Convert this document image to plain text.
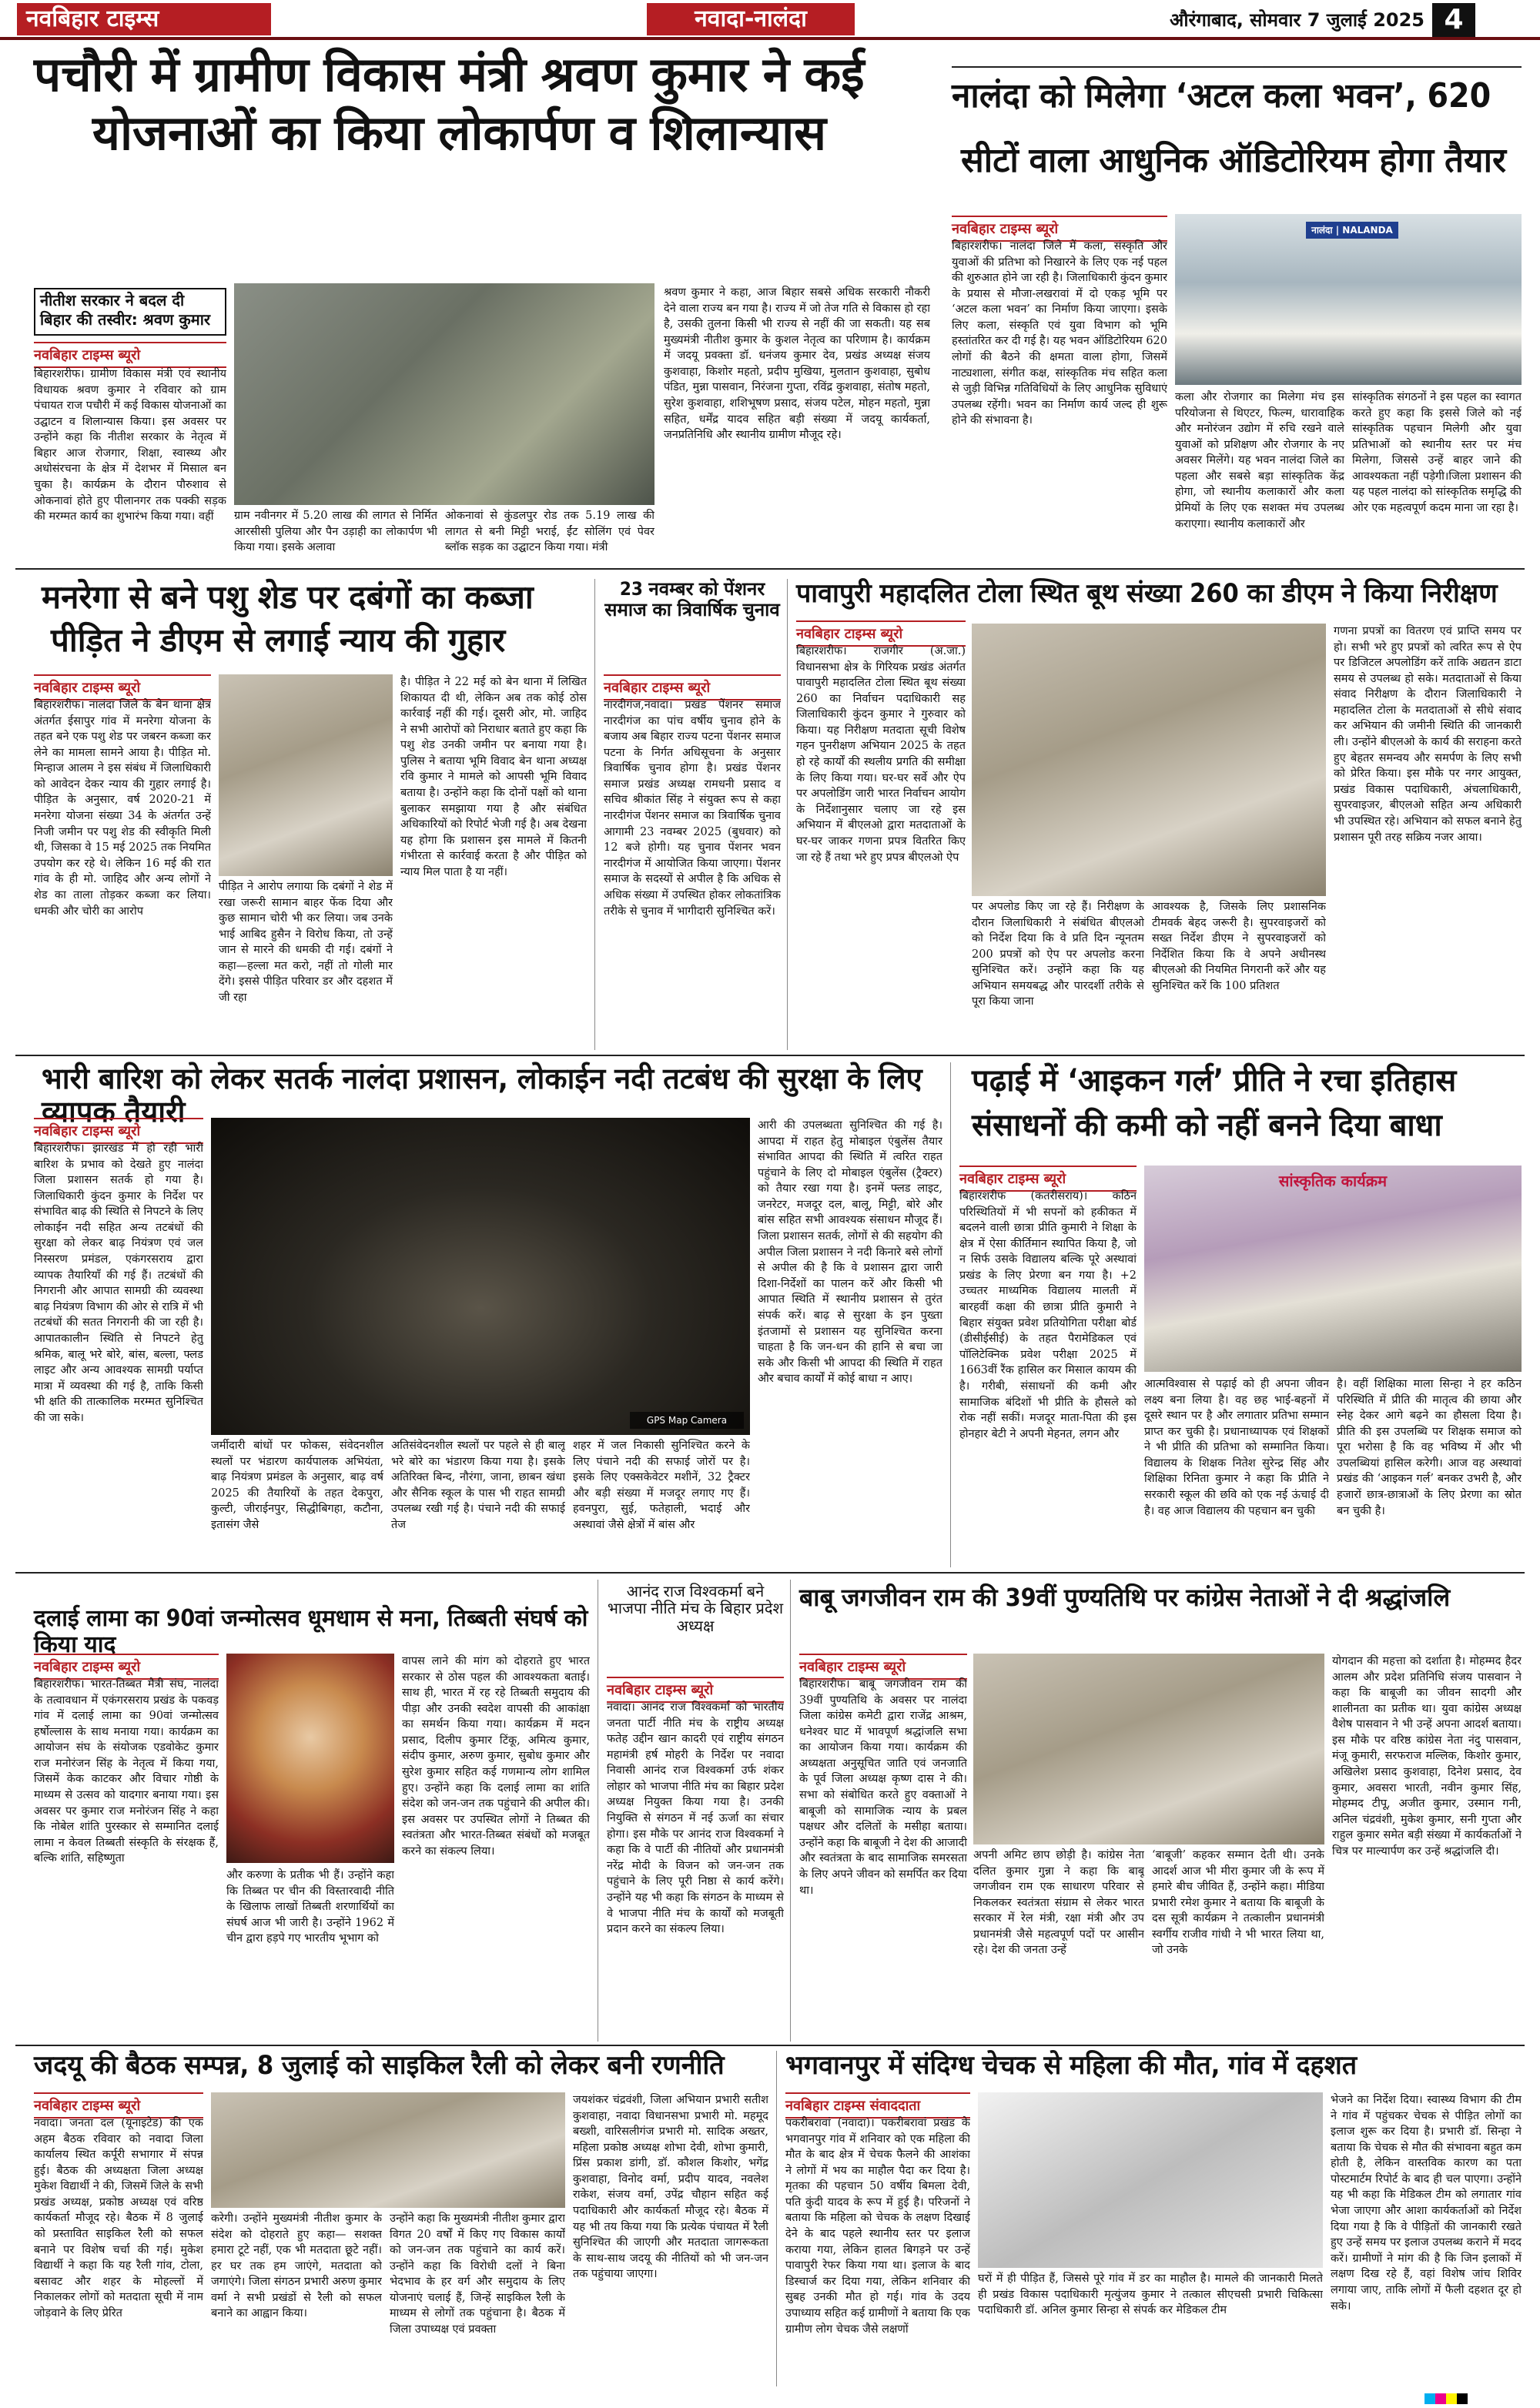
नवबिहार टाइम्स	नवादा-नालंदा	औरंगाबाद, सोमवार 7 जुलाई 2025 4
पचौरी में ग्रामीण विकास मंत्री श्रवण कुमार ने कई
योजनाओं का किया लोकार्पण व शिलान्यास
नीतीश सरकार ने बदल दी बिहार की तस्वीर: श्रवण कुमार
नवबिहार टाइम्स ब्यूरो
बिहारशरीफ। ग्रामीण विकास मंत्री एवं स्थानीय विधायक श्रवण कुमार ने रविवार को ग्राम पंचायत राज पचौरी में कई विकास योजनाओं का उद्घाटन व शिलान्यास किया। इस अवसर पर उन्होंने कहा कि नीतीश सरकार के नेतृत्व में बिहार आज रोजगार, शिक्षा, स्वास्थ्य और अधोसंरचना के क्षेत्र में देशभर में मिसाल बन चुका है। कार्यक्रम के दौरान पौरुशाव से ओकनावां होते हुए पीलानगर तक पक्की सड़क की मरम्मत कार्य का शुभारंभ किया गया। वहीं	ग्राम नवीनगर में 5.20 लाख की लागत से निर्मित आरसीसी पुलिया और पैन उड़ाही का लोकार्पण भी किया गया। इसके अलावा
ओकनावां से कुंडलपुर रोड तक 5.19 लाख की लागत से बनी मिट्टी भराई, ईंट सोलिंग एवं पेवर ब्लॉक सड़क का उद्घाटन किया गया। मंत्री
श्रवण कुमार ने कहा, आज बिहार सबसे अधिक सरकारी नौकरी देने वाला राज्य बन गया है। राज्य में जो तेज गति से विकास हो रहा है, उसकी तुलना किसी भी राज्य से नहीं की जा सकती। यह सब मुख्यमंत्री नीतीश कुमार के कुशल नेतृत्व का परिणाम है। कार्यक्रम में जदयू प्रवक्ता डॉ. धनंजय कुमार देव, प्रखंड अध्यक्ष संजय कुशवाहा, किशोर महतो, प्रदीप मुखिया, मुलतान कुशवाहा, सुबोध पंडित, मुन्ना पासवान, निरंजना गुप्ता, रविंद्र कुशवाहा, संतोष महतो, सुरेश कुशवाहा, शशिभूषण प्रसाद, संजय पटेल, मोहन महतो, मुन्ना सहित, धर्मेंद्र यादव सहित बड़ी संख्या में जदयू कार्यकर्ता, जनप्रतिनिधि और स्थानीय ग्रामीण मौजूद रहे।
नालंदा को मिलेगा ‘अटल कला भवन’, 620
सीटों वाला आधुनिक ऑडिटोरियम होगा तैयार
नवबिहार टाइम्स ब्यूरो
बिहारशरीफ। नालंदा जिले में कला, संस्कृति और युवाओं की प्रतिभा को निखारने के लिए एक नई पहल की शुरुआत होने जा रही है। जिलाधिकारी कुंदन कुमार के प्रयास से मौजा-लखरावां में दो एकड़ भूमि पर ‘अटल कला भवन’ का निर्माण किया जाएगा। इसके लिए कला, संस्कृति एवं युवा विभाग को भूमि हस्तांतरित कर दी गई है। यह भवन ऑडिटोरियम 620 लोगों की बैठने की क्षमता वाला होगा, जिसमें नाट्यशाला, संगीत कक्ष, सांस्कृतिक मंच सहित कला से जुड़ी विभिन्न गतिविधियों के लिए आधुनिक सुविधाएं उपलब्ध रहेंगी। भवन का निर्माण कार्य जल्द ही शुरू होने की संभावना है।
नालंदा | NALANDA
कला और रोजगार का मिलेगा मंच इस परियोजना से थिएटर, फिल्म, धारावाहिक और मनोरंजन उद्योग में रुचि रखने वाले युवाओं को प्रशिक्षण और रोजगार के नए अवसर मिलेंगे। यह भवन नालंदा जिले का पहला और सबसे बड़ा सांस्कृतिक केंद्र होगा, जो स्थानीय कलाकारों और कला प्रेमियों के लिए एक सशक्त मंच उपलब्ध कराएगा। स्थानीय कलाकारों और
सांस्कृतिक संगठनों ने इस पहल का स्वागत करते हुए कहा कि इससे जिले को नई सांस्कृतिक पहचान मिलेगी और युवा प्रतिभाओं को स्थानीय स्तर पर मंच मिलेगा, जिससे उन्हें बाहर जाने की आवश्यकता नहीं पड़ेगी।जिला प्रशासन की यह पहल नालंदा को सांस्कृतिक समृद्धि की ओर एक महत्वपूर्ण कदम माना जा रहा है।
मनरेगा से बने पशु शेड पर दबंगों का कब्जा
पीड़ित ने डीएम से लगाई न्याय की गुहार
नवबिहार टाइम्स ब्यूरो
बिहारशरीफ। नालंदा जिले के बेन थाना क्षेत्र अंतर्गत ईसापुर गांव में मनरेगा योजना के तहत बने एक पशु शेड पर जबरन कब्जा कर लेने का मामला सामने आया है। पीड़ित मो. मिन्हाज आलम ने इस संबंध में जिलाधिकारी को आवेदन देकर न्याय की गुहार लगाई है। पीड़ित के अनुसार, वर्ष 2020-21 में मनरेगा योजना संख्या 34 के अंतर्गत उन्हें निजी जमीन पर पशु शेड की स्वीकृति मिली थी, जिसका वे 15 मई 2025 तक नियमित उपयोग कर रहे थे। लेकिन 16 मई की रात गांव के ही मो. जाहिद और अन्य लोगों ने शेड का ताला तोड़कर कब्जा कर लिया। धमकी और चोरी का आरोप
पीड़ित ने आरोप लगाया कि दबंगों ने शेड में रखा जरूरी सामान बाहर फेंक दिया और कुछ सामान चोरी भी कर लिया। जब उनके भाई आबिद हुसैन ने विरोध किया, तो उन्हें जान से मारने की धमकी दी गई। दबंगों ने कहा—हल्ला मत करो, नहीं तो गोली मार देंगे। इससे पीड़ित परिवार डर और दहशत में जी रहा
है। पीड़ित ने 22 मई को बेन थाना में लिखित शिकायत दी थी, लेकिन अब तक कोई ठोस कार्रवाई नहीं की गई। दूसरी ओर, मो. जाहिद ने सभी आरोपों को निराधार बताते हुए कहा कि पशु शेड उनकी जमीन पर बनाया गया है। पुलिस ने बताया भूमि विवाद बेन थाना अध्यक्ष रवि कुमार ने मामले को आपसी भूमि विवाद बताया है। उन्होंने कहा कि दोनों पक्षों को थाना बुलाकर समझाया गया है और संबंधित अधिकारियों को रिपोर्ट भेजी गई है। अब देखना यह होगा कि प्रशासन इस मामले में कितनी गंभीरता से कार्रवाई करता है और पीड़ित को न्याय मिल पाता है या नहीं।
23 नवम्बर को पेंशनर समाज का त्रिवार्षिक चुनाव
नवबिहार टाइम्स ब्यूरो
नारदीगंज,नवादा। प्रखंड पेंशनर समाज नारदीगंज का पांच वर्षीय चुनाव होने के बजाय अब बिहार राज्य पटना पेंशनर समाज पटना के निर्गत अधिसूचना के अनुसार त्रिवार्षिक चुनाव होगा है। प्रखंड पेंशनर समाज प्रखंड अध्यक्ष रामधनी प्रसाद व सचिव श्रीकांत सिंह ने संयुक्त रूप से कहा नारदीगंज पेंशनर समाज का त्रिवार्षिक चुनाव आगामी 23 नवम्बर 2025 (बुधवार) को 12 बजे होगी। यह चुनाव पेंशनर भवन नारदीगंज में आयोजित किया जाएगा। पेंशनर समाज के सदस्यों से अपील है कि अधिक से अधिक संख्या में उपस्थित होकर लोकतांत्रिक तरीके से चुनाव में भागीदारी सुनिश्चित करें।
पावापुरी महादलित टोला स्थित बूथ संख्या 260 का डीएम ने किया निरीक्षण
नवबिहार टाइम्स ब्यूरो
बिहारशरीफ। राजगीर (अ.जा.) विधानसभा क्षेत्र के गिरियक प्रखंड अंतर्गत पावापुरी महादलित टोला स्थित बूथ संख्या 260 का निर्वाचन पदाधिकारी सह जिलाधिकारी कुंदन कुमार ने गुरुवार को किया। यह निरीक्षण मतदाता सूची विशेष गहन पुनरीक्षण अभियान 2025 के तहत हो रहे कार्यों की स्थलीय प्रगति की समीक्षा के लिए किया गया। घर-घर सर्वे और ऐप पर अपलोडिंग जारी भारत निर्वाचन आयोग के निर्देशानुसार चलाए जा रहे इस अभियान में बीएलओ द्वारा मतदाताओं के घर-घर जाकर गणना प्रपत्र वितरित किए जा रहे हैं तथा भरे हुए प्रपत्र बीएलओ ऐप
पर अपलोड किए जा रहे हैं। निरीक्षण के दौरान जिलाधिकारी ने संबंधित बीएलओ को निर्देश दिया कि वे प्रति दिन न्यूनतम 200 प्रपत्रों को ऐप पर अपलोड करना सुनिश्चित करें। उन्होंने कहा कि यह अभियान समयबद्ध और पारदर्शी तरीके से पूरा किया जाना
आवश्यक है, जिसके लिए प्रशासनिक टीमवर्क बेहद जरूरी है। सुपरवाइजरों को सख्त निर्देश डीएम ने सुपरवाइजरों को निर्देशित किया कि वे अपने अधीनस्थ बीएलओ की नियमित निगरानी करें और यह सुनिश्चित करें कि 100 प्रतिशत
गणना प्रपत्रों का वितरण एवं प्राप्ति समय पर हो। सभी भरे हुए प्रपत्रों को त्वरित रूप से ऐप पर डिजिटल अपलोडिंग करें ताकि अद्यतन डाटा समय से उपलब्ध हो सके। मतदाताओं से किया संवाद निरीक्षण के दौरान जिलाधिकारी ने महादलित टोला के मतदाताओं से सीधे संवाद कर अभियान की जमीनी स्थिति की जानकारी ली। उन्होंने बीएलओ के कार्य की सराहना करते हुए बेहतर समन्वय और समर्पण के लिए सभी को प्रेरित किया। इस मौके पर नगर आयुक्त, प्रखंड विकास पदाधिकारी, अंचलाधिकारी, सुपरवाइजर, बीएलओ सहित अन्य अधिकारी भी उपस्थित रहे। अभियान को सफल बनाने हेतु प्रशासन पूरी तरह सक्रिय नजर आया।
भारी बारिश को लेकर सतर्क नालंदा प्रशासन, लोकाईन नदी तटबंध की सुरक्षा के लिए व्यापक तैयारी
नवबिहार टाइम्स ब्यूरो
बिहारशरीफ। झारखंड में हो रही भारी बारिश के प्रभाव को देखते हुए नालंदा जिला प्रशासन सतर्क हो गया है। जिलाधिकारी कुंदन कुमार के निर्देश पर संभावित बाढ़ की स्थिति से निपटने के लिए लोकाईन नदी सहित अन्य तटबंधों की सुरक्षा को लेकर बाढ़ नियंत्रण एवं जल निस्सरण प्रमंडल, एकंगरसराय द्वारा व्यापक तैयारियाँ की गई हैं। तटबंधों की निगरानी और आपात सामग्री की व्यवस्था बाढ़ नियंत्रण विभाग की ओर से रात्रि में भी तटबंधों की सतत निगरानी की जा रही है। आपातकालीन स्थिति से निपटने हेतु श्रमिक, बालू भरे बोरे, बांस, बल्ला, फ्लड लाइट और अन्य आवश्यक सामग्री पर्याप्त मात्रा में व्यवस्था की गई है, ताकि किसी भी क्षति की तात्कालिक मरम्मत सुनिश्चित की जा सके।	GPS Map Camera
जर्मीदारी बांधों पर फोकस, संवेदनशील स्थलों पर भंडारण कार्यपालक अभियंता, बाढ़ नियंत्रण प्रमंडल के अनुसार, बाढ़ वर्ष 2025 की तैयारियों के तहत देकपुरा, कुल्टी, जीराईनपुर, सिद्धीबिगहा, कटौना, इतासंग जैसे
अतिसंवेदनशील स्थलों पर पहले से ही बालू भरे बोरे का भंडारण किया गया है। इसके अतिरिक्त बिन्द, नौरंगा, जाना, छाबन खंधा और सैनिक स्कूल के पास भी राहत सामग्री उपलब्ध रखी गई है। पंचाने नदी की सफाई तेज
शहर में जल निकासी सुनिश्चित करने के लिए पंचाने नदी की सफाई जोरों पर है। इसके लिए एक्सकेवेटर मशीनें, 32 ट्रैक्टर और बड़ी संख्या में मजदूर लगाए गए हैं। हवनपुरा, सुई, फतेहाली, भदाई और अस्थावां जैसे क्षेत्रों में बांस और
आरी की उपलब्धता सुनिश्चित की गई है। आपदा में राहत हेतु मोबाइल एंबुलेंस तैयार संभावित आपदा की स्थिति में त्वरित राहत पहुंचाने के लिए दो मोबाइल एंबुलेंस (ट्रैक्टर) को तैयार रखा गया है। इनमें फ्लड लाइट, जनरेटर, मजदूर दल, बालू, मिट्टी, बोरे और बांस सहित सभी आवश्यक संसाधन मौजूद हैं। जिला प्रशासन सतर्क, लोगों से की सहयोग की अपील जिला प्रशासन ने नदी किनारे बसे लोगों से अपील की है कि वे प्रशासन द्वारा जारी दिशा-निर्देशों का पालन करें और किसी भी आपात स्थिति में स्थानीय प्रशासन से तुरंत संपर्क करें। बाढ़ से सुरक्षा के इन पुख्ता इंतजामों से प्रशासन यह सुनिश्चित करना चाहता है कि जन-धन की हानि से बचा जा सके और किसी भी आपदा की स्थिति में राहत और बचाव कार्यों में कोई बाधा न आए।
पढ़ाई में ‘आइकन गर्ल’ प्रीति ने रचा इतिहास
संसाधनों की कमी को नहीं बनने दिया बाधा
नवबिहार टाइम्स ब्यूरो
बिहारशरीफ (कतरीसराय)। कठिन परिस्थितियों में भी सपनों को हकीकत में बदलने वाली छात्रा प्रीति कुमारी ने शिक्षा के क्षेत्र में ऐसा कीर्तिमान स्थापित किया है, जो न सिर्फ उसके विद्यालय बल्कि पूरे अस्थावां प्रखंड के लिए प्रेरणा बन गया है। +2 उच्चतर माध्यमिक विद्यालय मालती में बारहवीं कक्षा की छात्रा प्रीति कुमारी ने बिहार संयुक्त प्रवेश प्रतियोगिता परीक्षा बोर्ड (डीसीईसीई) के तहत पैरामेडिकल एवं पॉलिटेक्निक प्रवेश परीक्षा 2025 में 1663वीं रैंक हासिल कर मिसाल कायम की है। गरीबी, संसाधनों की कमी और सामाजिक बंदिशों भी प्रीति के हौसले को रोक नहीं सकीं। मजदूर माता-पिता की इस होनहार बेटी ने अपनी मेहनत, लगन और
सांस्कृतिक कार्यक्रम
आत्मविश्वास से पढ़ाई को ही अपना जीवन लक्ष्य बना लिया है। वह छह भाई-बहनों में दूसरे स्थान पर है और लगातार प्रतिभा सम्मान प्राप्त कर चुकी है। प्रधानाध्यापक एवं शिक्षकों ने भी प्रीति की प्रतिभा को सम्मानित किया। विद्यालय के शिक्षक नितेश सुरेन्द्र सिंह और शिक्षिका रिनिता कुमार ने कहा कि प्रीति ने सरकारी स्कूल की छवि को एक नई ऊंचाई दी है। वह आज विद्यालय की पहचान बन चुकी
है। वहीं शिक्षिका माला सिन्हा ने हर कठिन परिस्थिति में प्रीति की मातृत्व की छाया और स्नेह देकर आगे बढ़ने का हौसला दिया है। प्रीति की इस उपलब्धि पर शिक्षक समाज को पूरा भरोसा है कि वह भविष्य में और भी उपलब्धियां हासिल करेगी। आज वह अस्थावां प्रखंड की ‘आइकन गर्ल’ बनकर उभरी है, और हजारों छात्र-छात्राओं के लिए प्रेरणा का स्रोत बन चुकी है।
दलाई लामा का 90वां जन्मोत्सव धूमधाम से मना, तिब्बती संघर्ष को किया याद
नवबिहार टाइम्स ब्यूरो
बिहारशरीफ। भारत-तिब्बत मैत्री संघ, नालंदा के तत्वावधान में एकंगरसराय प्रखंड के पकवड़ गांव में दलाई लामा का 90वां जन्मोत्सव हर्षोल्लास के साथ मनाया गया। कार्यक्रम का आयोजन संघ के संयोजक एडवोकेट कुमार राज मनोरंजन सिंह के नेतृत्व में किया गया, जिसमें केक काटकर और विचार गोष्ठी के माध्यम से उत्सव को यादगार बनाया गया। इस अवसर पर कुमार राज मनोरंजन सिंह ने कहा कि नोबेल शांति पुरस्कार से सम्मानित दलाई लामा न केवल तिब्बती संस्कृति के संरक्षक हैं, बल्कि शांति, सहिष्णुता
और करुणा के प्रतीक भी हैं। उन्होंने कहा कि तिब्बत पर चीन की विस्तारवादी नीति के खिलाफ लाखों तिब्बती शरणार्थियों का संघर्ष आज भी जारी है। उन्होंने 1962 में चीन द्वारा हड़पे गए भारतीय भूभाग को
वापस लाने की मांग को दोहराते हुए भारत सरकार से ठोस पहल की आवश्यकता बताई। साथ ही, भारत में रह रहे तिब्बती समुदाय की पीड़ा और उनकी स्वदेश वापसी की आकांक्षा का समर्थन किया गया। कार्यक्रम में मदन प्रसाद, दिलीप कुमार टिंकू, अमित्य कुमार, संदीप कुमार, अरुण कुमार, सुबोध कुमार और सुरेश कुमार सहित कई गणमान्य लोग शामिल हुए। उन्होंने कहा कि दलाई लामा का शांति संदेश को जन-जन तक पहुंचाने की अपील की। इस अवसर पर उपस्थित लोगों ने तिब्बत की स्वतंत्रता और भारत-तिब्बत संबंधों को मजबूत करने का संकल्प लिया।
आनंद राज विश्वकर्मा बने भाजपा नीति मंच के बिहार प्रदेश अध्यक्ष
नवबिहार टाइम्स ब्यूरो
नवादा। आनंद राज विश्वकर्मा को भारतीय जनता पार्टी नीति मंच के राष्ट्रीय अध्यक्ष फतेह उद्दीन खान कादरी एवं राष्ट्रीय संगठन महामंत्री हर्ष मोहरी के निर्देश पर नवादा निवासी आनंद राज विश्वकर्मा उर्फ शंकर लोहार को भाजपा नीति मंच का बिहार प्रदेश अध्यक्ष नियुक्त किया गया है। उनकी नियुक्ति से संगठन में नई ऊर्जा का संचार होगा। इस मौके पर आनंद राज विश्वकर्मा ने कहा कि वे पार्टी की नीतियों और प्रधानमंत्री नरेंद्र मोदी के विजन को जन-जन तक पहुंचाने के लिए पूरी निष्ठा से कार्य करेंगे। उन्होंने यह भी कहा कि संगठन के माध्यम से वे भाजपा नीति मंच के कार्यों को मजबूती प्रदान करने का संकल्प लिया।
बाबू जगजीवन राम की 39वीं पुण्यतिथि पर कांग्रेस नेताओं ने दी श्रद्धांजलि
नवबिहार टाइम्स ब्यूरो
बिहारशरीफ। बाबू जगजीवन राम की 39वीं पुण्यतिथि के अवसर पर नालंदा जिला कांग्रेस कमेटी द्वारा राजेंद्र आश्रम, धनेश्वर घाट में भावपूर्ण श्रद्धांजलि सभा का आयोजन किया गया। कार्यक्रम की अध्यक्षता अनुसूचित जाति एवं जनजाति के पूर्व जिला अध्यक्ष कृष्ण दास ने की। सभा को संबोधित करते हुए वक्ताओं ने बाबूजी को सामाजिक न्याय के प्रबल पक्षधर और दलितों के मसीहा बताया। उन्होंने कहा कि बाबूजी ने देश की आजादी और स्वतंत्रता के बाद सामाजिक समरसता के लिए अपने जीवन को समर्पित कर दिया था।
अपनी अमिट छाप छोड़ी है। कांग्रेस नेता दलित कुमार गुन्ना ने कहा कि बाबू जगजीवन राम एक साधारण परिवार से निकलकर स्वतंत्रता संग्राम से लेकर भारत सरकार में रेल मंत्री, रक्षा मंत्री और उप प्रधानमंत्री जैसे महत्वपूर्ण पदों पर आसीन रहे। देश की जनता उन्हें
‘बाबूजी’ कहकर सम्मान देती थी। उनके आदर्श आज भी मीरा कुमार जी के रूप में हमारे बीच जीवित हैं, उन्होंने कहा। मीडिया प्रभारी रमेश कुमार ने बताया कि बाबूजी के दस सूत्री कार्यक्रम ने तत्कालीन प्रधानमंत्री स्वर्गीय राजीव गांधी ने भी भारत लिया था, जो उनके
योगदान की महत्ता को दर्शाता है। मोहम्मद हैदर आलम और प्रदेश प्रतिनिधि संजय पासवान ने कहा कि बाबूजी का जीवन सादगी और शालीनता का प्रतीक था। युवा कांग्रेस अध्यक्ष वैशेष पासवान ने भी उन्हें अपना आदर्श बताया। इस मौके पर वरिष्ठ कांग्रेस नेता नंदु पासवान, मंजू कुमारी, सरफराज मल्लिक, किशोर कुमार, अखिलेश प्रसाद कुशवाहा, दिनेश प्रसाद, देव कुमार, अवसरा भारती, नवीन कुमार सिंह, मोहम्मद टीपू, अजीत कुमार, उस्मान गनी, अनिल चंद्रवंशी, मुकेश कुमार, सनी गुप्ता और राहुल कुमार समेत बड़ी संख्या में कार्यकर्ताओं ने चित्र पर माल्यार्पण कर उन्हें श्रद्धांजलि दी।
जदयू की बैठक सम्पन्न, 8 जुलाई को साइकिल रैली को लेकर बनी रणनीति
नवबिहार टाइम्स ब्यूरो
नवादा। जनता दल (यूनाइटेड) की एक अहम बैठक रविवार को नवादा जिला कार्यालय स्थित कर्पूरी सभागार में संपन्न हुई। बैठक की अध्यक्षता जिला अध्यक्ष मुकेश विद्यार्थी ने की, जिसमें जिले के सभी प्रखंड अध्यक्ष, प्रकोष्ठ अध्यक्ष एवं वरिष्ठ कार्यकर्ता मौजूद रहे। बैठक में 8 जुलाई को प्रस्तावित साइकिल रैली को सफल बनाने पर विशेष चर्चा की गई। मुकेश विद्यार्थी ने कहा कि यह रैली गांव, टोला, बसावट और शहर के मोहल्लों में निकालकर लोगों को मतदाता सूची में नाम जोड़वाने के लिए प्रेरित
करेगी। उन्होंने मुख्यमंत्री नीतीश कुमार के संदेश को दोहराते हुए कहा— सशक्त हमारा टूटे नहीं, एक भी मतदाता छूटे नहीं। हर घर तक हम जाएंगे, मतदाता को जगाएंगे। जिला संगठन प्रभारी अरुण कुमार वर्मा ने सभी प्रखंडों से रैली को सफल बनाने का आह्वान किया।
उन्होंने कहा कि मुख्यमंत्री नीतीश कुमार द्वारा विगत 20 वर्षों में किए गए विकास कार्यों को जन-जन तक पहुंचाने का कार्य करें। उन्होंने कहा कि विरोधी दलों ने बिना भेदभाव के हर वर्ग और समुदाय के लिए योजनाएं चलाई हैं, जिन्हें साइकिल रैली के माध्यम से लोगों तक पहुंचाना है। बैठक में जिला उपाध्यक्ष एवं प्रवक्ता
जयशंकर चंद्रवंशी, जिला अभियान प्रभारी सतीश कुशवाहा, नवादा विधानसभा प्रभारी मो. महमूद बख्शी, वारिसलीगंज प्रभारी मो. सादिक अख्तर, महिला प्रकोष्ठ अध्यक्ष शोभा देवी, शोभा कुमारी, प्रिंस प्रकाश डांगी, डॉ. कौशल किशोर, भगेंद्र कुशवाहा, विनोद वर्मा, प्रदीप यादव, नवलेश राकेश, संजय वर्मा, उपेंद्र चौहान सहित कई पदाधिकारी और कार्यकर्ता मौजूद रहे। बैठक में यह भी तय किया गया कि प्रत्येक पंचायत में रैली सुनिश्चित की जाएगी और मतदाता जागरूकता के साथ-साथ जदयू की नीतियों को भी जन-जन तक पहुंचाया जाएगा।
भगवानपुर में संदिग्ध चेचक से महिला की मौत, गांव में दहशत
नवबिहार टाइम्स संवाददाता
पकरीबरावां (नवादा)। पकरीबरावां प्रखंड के भगवानपुर गांव में शनिवार को एक महिला की मौत के बाद क्षेत्र में चेचक फैलने की आशंका ने लोगों में भय का माहौल पैदा कर दिया है। मृतका की पहचान 50 वर्षीय बिमला देवी, पति कुंदी यादव के रूप में हुई है। परिजनों ने बताया कि महिला को चेचक के लक्षण दिखाई देने के बाद पहले स्थानीय स्तर पर इलाज कराया गया, लेकिन हालत बिगड़ने पर उन्हें पावापुरी रेफर किया गया था। इलाज के बाद डिस्चार्ज कर दिया गया, लेकिन शनिवार की सुबह उनकी मौत हो गई। गांव के उदय उपाध्याय सहित कई ग्रामीणों ने बताया कि एक ग्रामीण लोग चेचक जैसे लक्षणों
घरों में ही पीड़ित हैं, जिससे पूरे गांव में डर का माहौल है। मामले की जानकारी मिलते ही प्रखंड विकास पदाधिकारी मृत्युंजय कुमार ने तत्काल सीएचसी प्रभारी चिकित्सा पदाधिकारी डॉ. अनिल कुमार सिन्हा से संपर्क कर मेडिकल टीम
भेजने का निर्देश दिया। स्वास्थ्य विभाग की टीम ने गांव में पहुंचकर चेचक से पीड़ित लोगों का इलाज शुरू कर दिया है। प्रभारी डॉ. सिन्हा ने बताया कि चेचक से मौत की संभावना बहुत कम होती है, लेकिन वास्तविक कारण का पता पोस्टमार्टम रिपोर्ट के बाद ही चल पाएगा। उन्होंने यह भी कहा कि मेडिकल टीम को लगातार गांव भेजा जाएगा और आशा कार्यकर्ताओं को निर्देश दिया गया है कि वे पीड़ितों की जानकारी रखते हुए उन्हें समय पर इलाज उपलब्ध कराने में मदद करें। ग्रामीणों ने मांग की है कि जिन इलाकों में लक्षण दिख रहे हैं, वहां विशेष जांच शिविर लगाया जाए, ताकि लोगों में फैली दहशत दूर हो सके।
